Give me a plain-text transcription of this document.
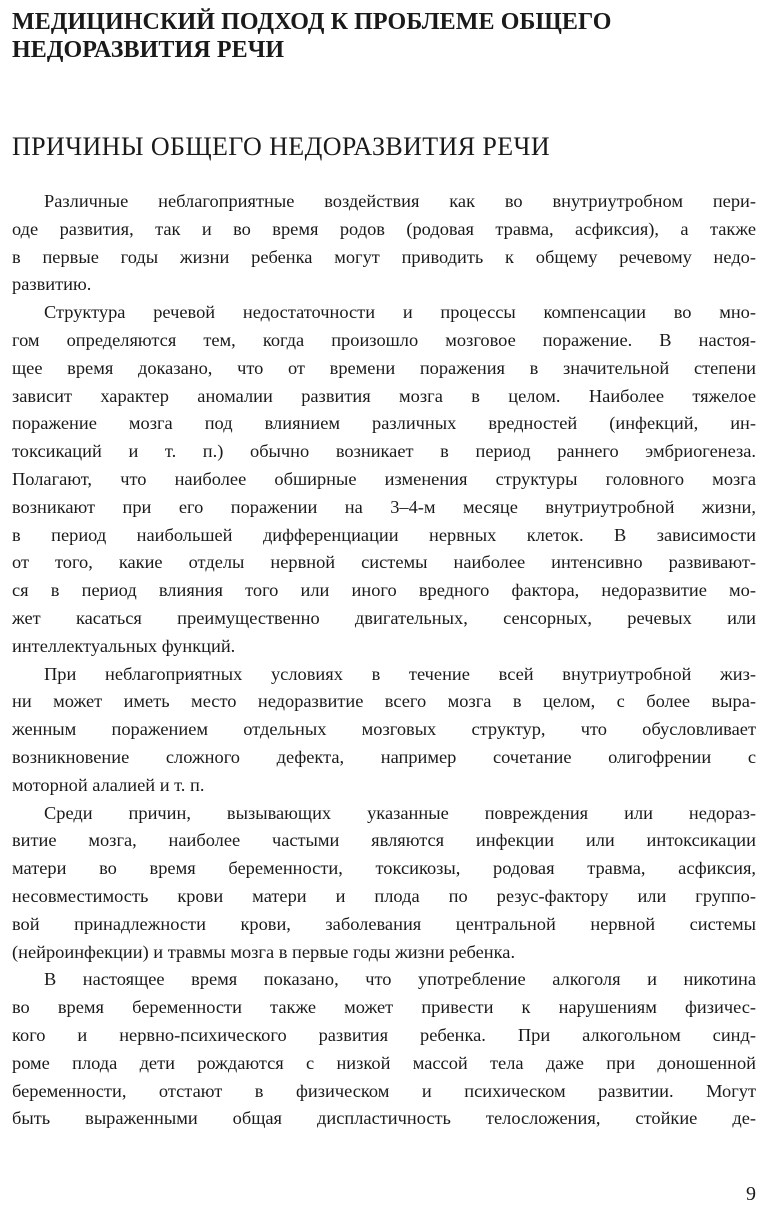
МЕДИЦИНСКИЙ ПОДХОД К ПРОБЛЕМЕ ОБЩЕГО
НЕДОРАЗВИТИЯ РЕЧИ
ПРИЧИНЫ ОБЩЕГО НЕДОРАЗВИТИЯ РЕЧИ

Различные неблагоприятные воздействия как во внутриутробном пери-
оде развития, так и во время родов (родовая травма, асфиксия), а также
в первые годы жизни ребенка могут приводить к общему речевому недо-
развитию.

Структура речевой недостаточности и процессы компенсации во мно-
гом определяются тем, когда произошло мозговое поражение. В настоя-
щее время доказано, что от времени поражения в значительной степени
зависит характер аномалии развития мозга в целом. Наиболее тяжелое
поражение мозга под влиянием различных вредностей (инфекций, ин-
токсикаций и т. п.) обычно возникает в период раннего эмбриогенеза.
Полагают, что наиболее обширные изменения структуры головного мозга
возникают при его поражении на 3–4-м месяце внутриутробной жизни,
в период наибольшей дифференциации нервных клеток. В зависимости
от того, какие отделы нервной системы наиболее интенсивно развивают-
ся в период влияния того или иного вредного фактора, недоразвитие мо-
жет касаться преимущественно двигательных, сенсорных, речевых или
интеллектуальных функций.

При неблагоприятных условиях в течение всей внутриутробной жиз-
ни может иметь место недоразвитие всего мозга в целом, с более выра-
женным поражением отдельных мозговых структур, что обусловливает
возникновение сложного дефекта, например сочетание олигофрении с
моторной алалией и т. п.

Среди причин, вызывающих указанные повреждения или недораз-
витие мозга, наиболее частыми являются инфекции или интоксикации
матери во время беременности, токсикозы, родовая травма, асфиксия,
несовместимость крови матери и плода по резус-фактору или группо-
вой принадлежности крови, заболевания центральной нервной системы
(нейроинфекции) и травмы мозга в первые годы жизни ребенка.

В настоящее время показано, что употребление алкоголя и никотина
во время беременности также может привести к нарушениям физичес-
кого и нервно-психического развития ребенка. При алкогольном синд-
роме плода дети рождаются с низкой массой тела даже при доношенной
беременности, отстают в физическом и психическом развитии. Могут
быть выраженными общая диспластичность телосложения, стойкие де-

9
